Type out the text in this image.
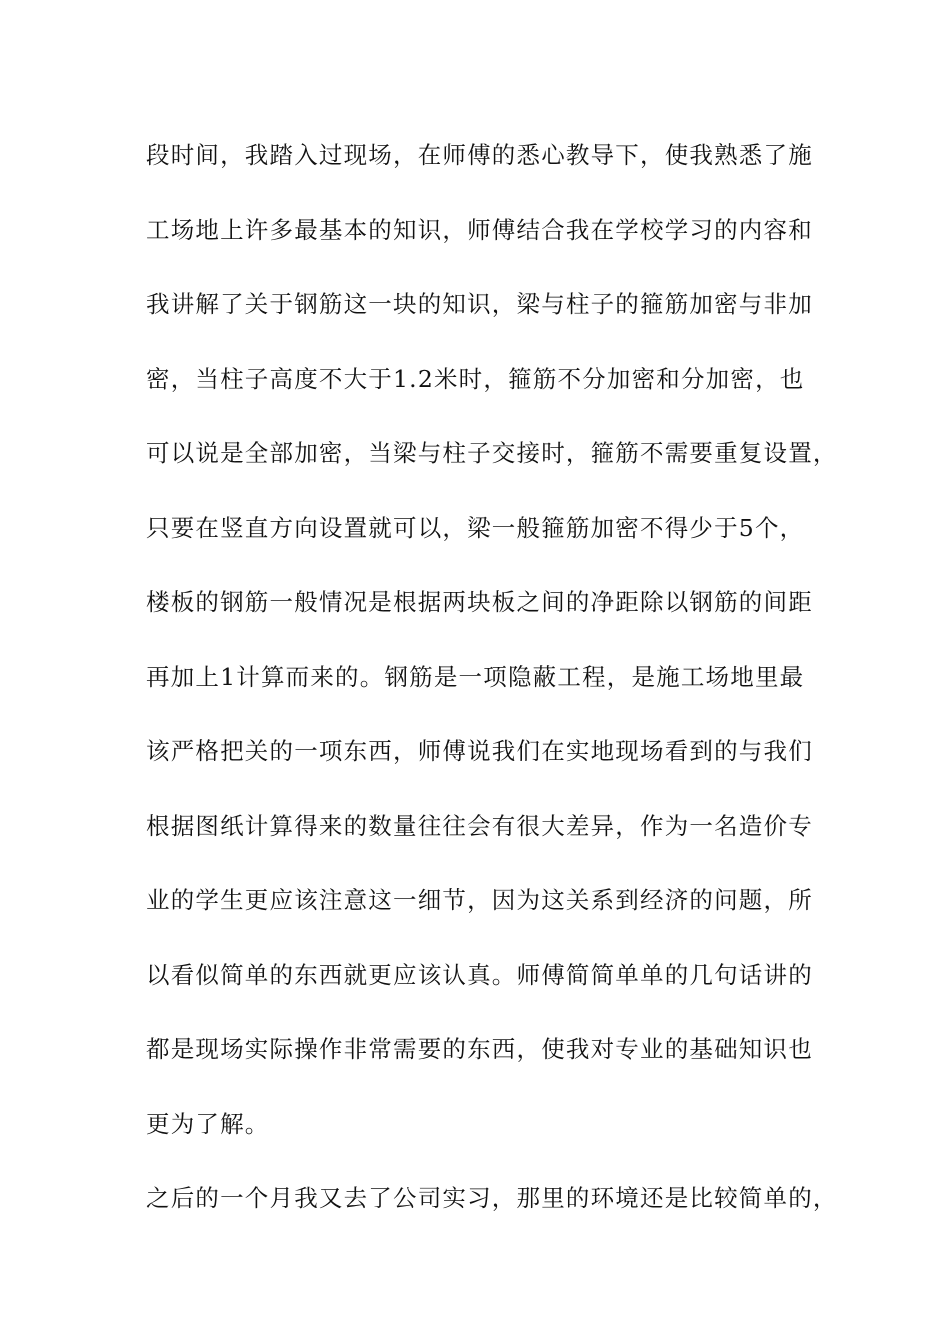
段时间，我踏入过现场，在师傅的悉心教导下，使我熟悉了施
工场地上许多最基本的知识，师傅结合我在学校学习的内容和
我讲解了关于钢筋这一块的知识，梁与柱子的箍筋加密与非加
密，当柱子高度不大于1.2米时，箍筋不分加密和分加密，也
可以说是全部加密，当梁与柱子交接时，箍筋不需要重复设置，
只要在竖直方向设置就可以，梁一般箍筋加密不得少于5个，
楼板的钢筋一般情况是根据两块板之间的净距除以钢筋的间距
再加上1计算而来的。钢筋是一项隐蔽工程，是施工场地里最
该严格把关的一项东西，师傅说我们在实地现场看到的与我们
根据图纸计算得来的数量往往会有很大差异，作为一名造价专
业的学生更应该注意这一细节，因为这关系到经济的问题，所
以看似简单的东西就更应该认真。师傅简简单单的几句话讲的
都是现场实际操作非常需要的东西，使我对专业的基础知识也
更为了解。
之后的一个月我又去了公司实习，那里的环境还是比较简单的，
